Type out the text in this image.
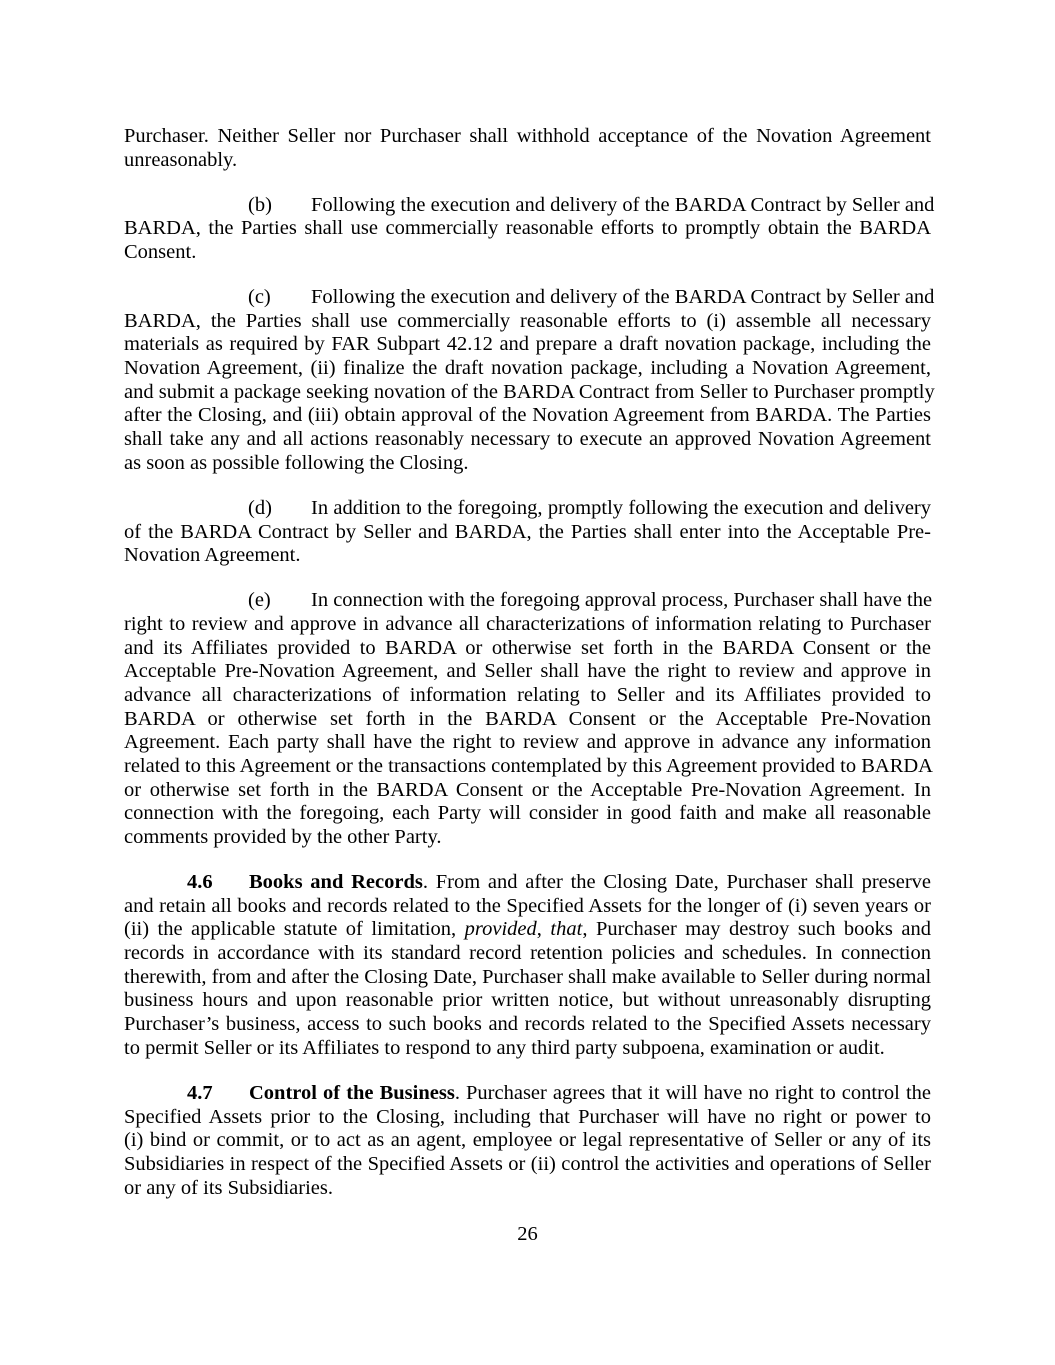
Purchaser. Neither Seller nor Purchaser shall withhold acceptance of the Novation Agreement
unreasonably.
(b) Following the execution and delivery of the BARDA Contract by Seller and
BARDA, the Parties shall use commercially reasonable efforts to promptly obtain the BARDA
Consent.
(c) Following the execution and delivery of the BARDA Contract by Seller and
BARDA, the Parties shall use commercially reasonable efforts to (i) assemble all necessary
materials as required by FAR Subpart 42.12 and prepare a draft novation package, including the
Novation Agreement, (ii) finalize the draft novation package, including a Novation Agreement,
and submit a package seeking novation of the BARDA Contract from Seller to Purchaser promptly
after the Closing, and (iii) obtain approval of the Novation Agreement from BARDA. The Parties
shall take any and all actions reasonably necessary to execute an approved Novation Agreement
as soon as possible following the Closing.
(d) In addition to the foregoing, promptly following the execution and delivery
of the BARDA Contract by Seller and BARDA, the Parties shall enter into the Acceptable Pre-
Novation Agreement.
(e) In connection with the foregoing approval process, Purchaser shall have the
right to review and approve in advance all characterizations of information relating to Purchaser
and its Affiliates provided to BARDA or otherwise set forth in the BARDA Consent or the
Acceptable Pre-Novation Agreement, and Seller shall have the right to review and approve in
advance all characterizations of information relating to Seller and its Affiliates provided to
BARDA or otherwise set forth in the BARDA Consent or the Acceptable Pre-Novation
Agreement. Each party shall have the right to review and approve in advance any information
related to this Agreement or the transactions contemplated by this Agreement provided to BARDA
or otherwise set forth in the BARDA Consent or the Acceptable Pre-Novation Agreement. In
connection with the foregoing, each Party will consider in good faith and make all reasonable
comments provided by the other Party.
4.6 Books and Records. From and after the Closing Date, Purchaser shall preserve
and retain all books and records related to the Specified Assets for the longer of (i) seven years or
(ii) the applicable statute of limitation, provided, that, Purchaser may destroy such books and
records in accordance with its standard record retention policies and schedules. In connection
therewith, from and after the Closing Date, Purchaser shall make available to Seller during normal
business hours and upon reasonable prior written notice, but without unreasonably disrupting
Purchaser’s business, access to such books and records related to the Specified Assets necessary
to permit Seller or its Affiliates to respond to any third party subpoena, examination or audit.
4.7 Control of the Business. Purchaser agrees that it will have no right to control the
Specified Assets prior to the Closing, including that Purchaser will have no right or power to
(i) bind or commit, or to act as an agent, employee or legal representative of Seller or any of its
Subsidiaries in respect of the Specified Assets or (ii) control the activities and operations of Seller
or any of its Subsidiaries.
26
